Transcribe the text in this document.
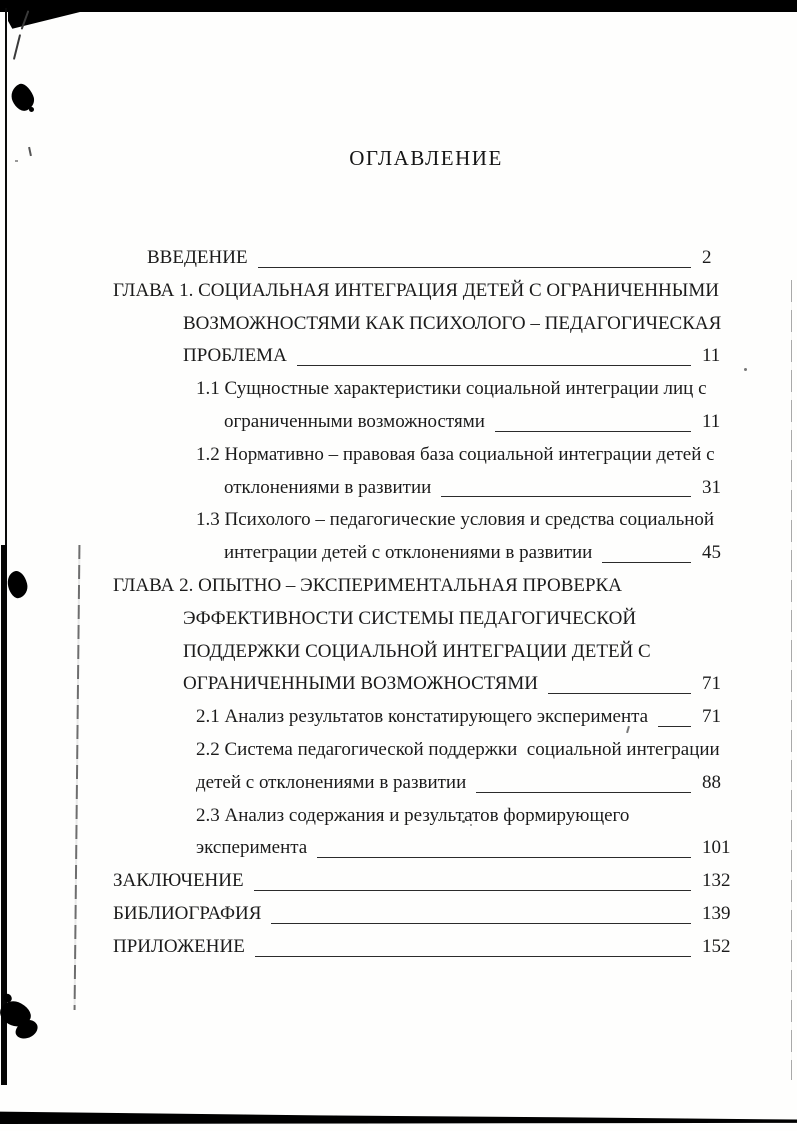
ОГЛАВЛЕНИЕ
ВВЕДЕНИЕ	2
ГЛАВА 1. СОЦИАЛЬНАЯ ИНТЕГРАЦИЯ ДЕТЕЙ С ОГРАНИЧЕННЫМИ
ВОЗМОЖНОСТЯМИ КАК ПСИХОЛОГО – ПЕДАГОГИЧЕСКАЯ
ПРОБЛЕМА	11
1.1 Сущностные характеристики социальной интеграции лиц с
ограниченными возможностями	11
1.2 Нормативно – правовая база социальной интеграции детей с
отклонениями в развитии	31
1.3 Психолого – педагогические условия и средства социальной
интеграции детей с отклонениями в развитии	45
ГЛАВА 2. ОПЫТНО – ЭКСПЕРИМЕНТАЛЬНАЯ ПРОВЕРКА
ЭФФЕКТИВНОСТИ СИСТЕМЫ ПЕДАГОГИЧЕСКОЙ
ПОДДЕРЖКИ СОЦИАЛЬНОЙ ИНТЕГРАЦИИ ДЕТЕЙ С
ОГРАНИЧЕННЫМИ ВОЗМОЖНОСТЯМИ	71
2.1 Анализ результатов констатирующего эксперимента	71
2.2 Система педагогической поддержки  социальной интеграции
детей с отклонениями в развитии	88
2.3 Анализ содержания и результатов формирующего
эксперимента	101
ЗАКЛЮЧЕНИЕ	132
БИБЛИОГРАФИЯ	139
ПРИЛОЖЕНИЕ	152
